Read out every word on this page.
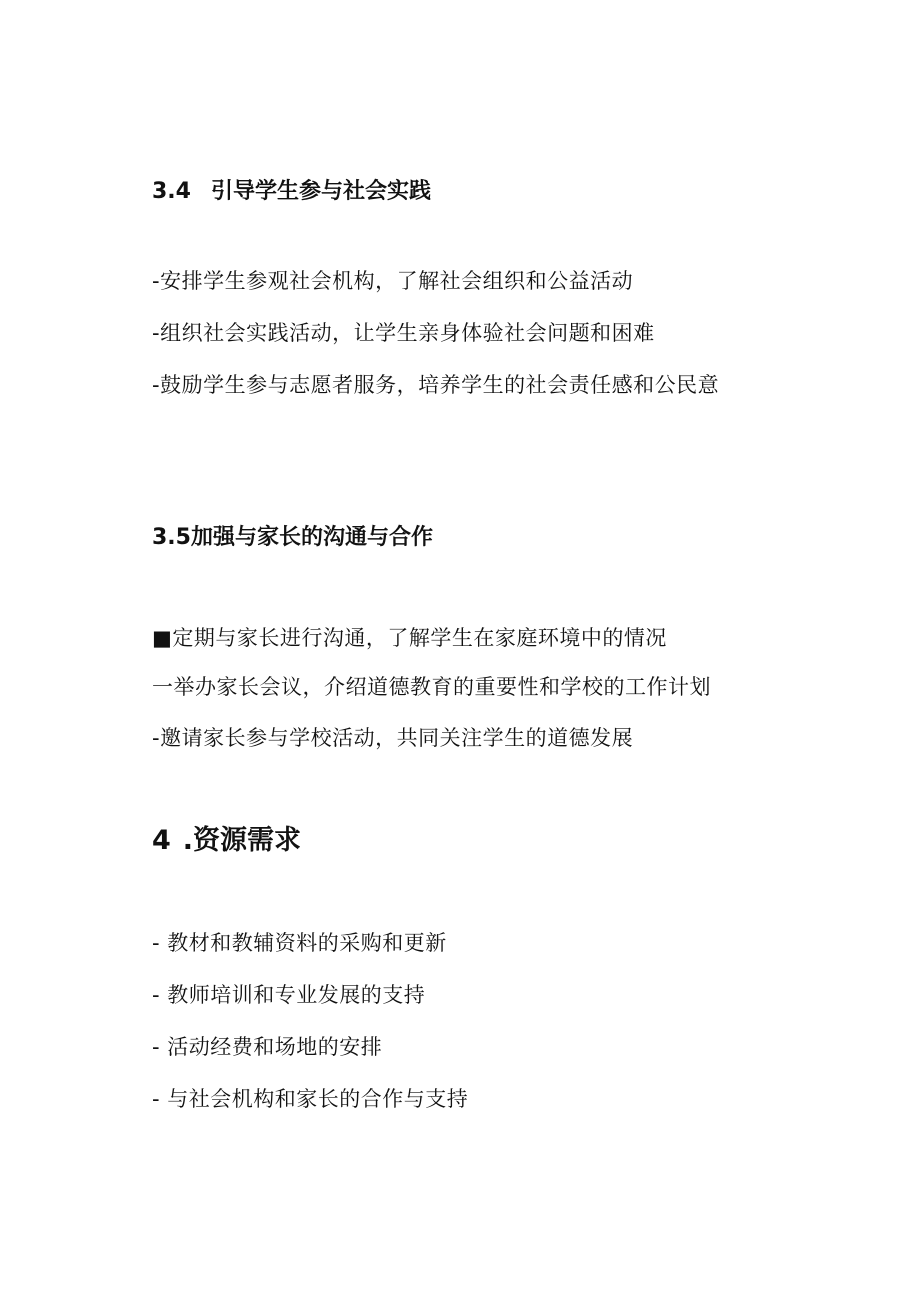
3.4 引导学生参与社会实践

-安排学生参观社会机构，了解社会组织和公益活动

-组织社会实践活动，让学生亲身体验社会问题和困难

-鼓励学生参与志愿者服务，培养学生的社会责任感和公民意

3.5加强与家长的沟通与合作

■定期与家长进行沟通，了解学生在家庭环境中的情况

一举办家长会议，介绍道德教育的重要性和学校的工作计划

-邀请家长参与学校活动，共同关注学生的道德发展

4 .资源需求

- 教材和教辅资料的采购和更新

- 教师培训和专业发展的支持

- 活动经费和场地的安排

- 与社会机构和家长的合作与支持
